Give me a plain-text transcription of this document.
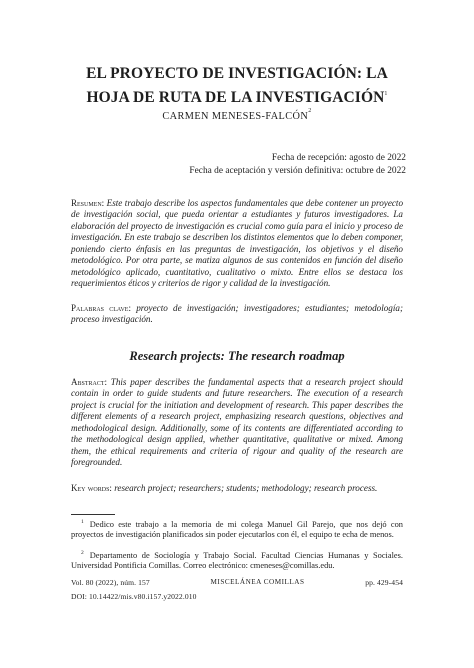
EL PROYECTO DE INVESTIGACIÓN: LA
HOJA DE RUTA DE LA INVESTIGACIÓN$^1$
CARMEN MENESES-FALCÓN$^2$
Fecha de recepción: agosto de 2022
Fecha de aceptación y versión definitiva: octubre de 2022
Resumen: Este trabajo describe los aspectos fundamentales que debe contener un proyecto de investigación social, que pueda orientar a estudiantes y futuros investigadores. La elaboración del proyecto de investigación es crucial como guía para el inicio y proceso de investigación. En este trabajo se describen los distintos elementos que lo deben componer, poniendo cierto énfasis en las preguntas de investigación, los objetivos y el diseño metodológico. Por otra parte, se matiza algunos de sus contenidos en función del diseño metodológico aplicado, cuantitativo, cualitativo o mixto. Entre ellos se destaca los requerimientos éticos y criterios de rigor y calidad de la investigación.
Palabras clave: proyecto de investigación; investigadores; estudiantes; metodología; proceso investigación.
Research projects: The research roadmap
Abstract: This paper describes the fundamental aspects that a research project should contain in order to guide students and future researchers. The execution of a research project is crucial for the initiation and development of research. This paper describes the different elements of a research project, emphasizing research questions, objectives and methodological design. Additionally, some of its contents are differentiated according to the methodological design applied, whether quantitative, qualitative or mixed. Among them, the ethical requirements and criteria of rigour and quality of the research are foregrounded.
Key words: research project; researchers; students; methodology; research process.
$^1$ Dedico este trabajo a la memoria de mi colega Manuel Gil Parejo, que nos dejó con proyectos de investigación planificados sin poder ejecutarlos con él, el equipo te echa de menos.
$^2$ Departamento de Sociología y Trabajo Social. Facultad Ciencias Humanas y Sociales. Universidad Pontificia Comillas. Correo electrónico: cmeneses@comillas.edu.
Vol. 80 (2022), núm. 157	MISCELÁNEA COMILLAS	pp. 429-454
DOI: 10.14422/mis.v80.i157.y2022.010
